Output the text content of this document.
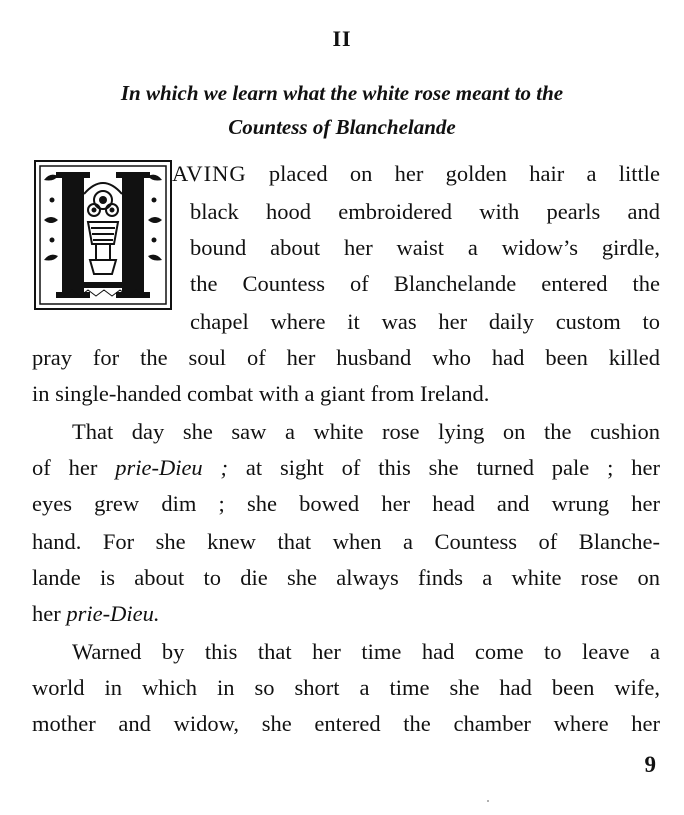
II
In which we learn what the white rose meant to the
Countess of Blanchelande
AVING placed on her golden hair a little
black hood embroidered with pearls and
bound about her waist a widow’s girdle,
the Countess of Blanchelande entered the
chapel where it was her daily custom to
pray for the soul of her husband who had been killed
in single-handed combat with a giant from Ireland.
That day she saw a white rose lying on the cushion
of her prie-Dieu ; at sight of this she turned pale ; her
eyes grew dim ; she bowed her head and wrung her
hand. For she knew that when a Countess of Blanche-
lande is about to die she always finds a white rose on
her prie-Dieu.
Warned by this that her time had come to leave a
world in which in so short a time she had been wife,
mother and widow, she entered the chamber where her
9
